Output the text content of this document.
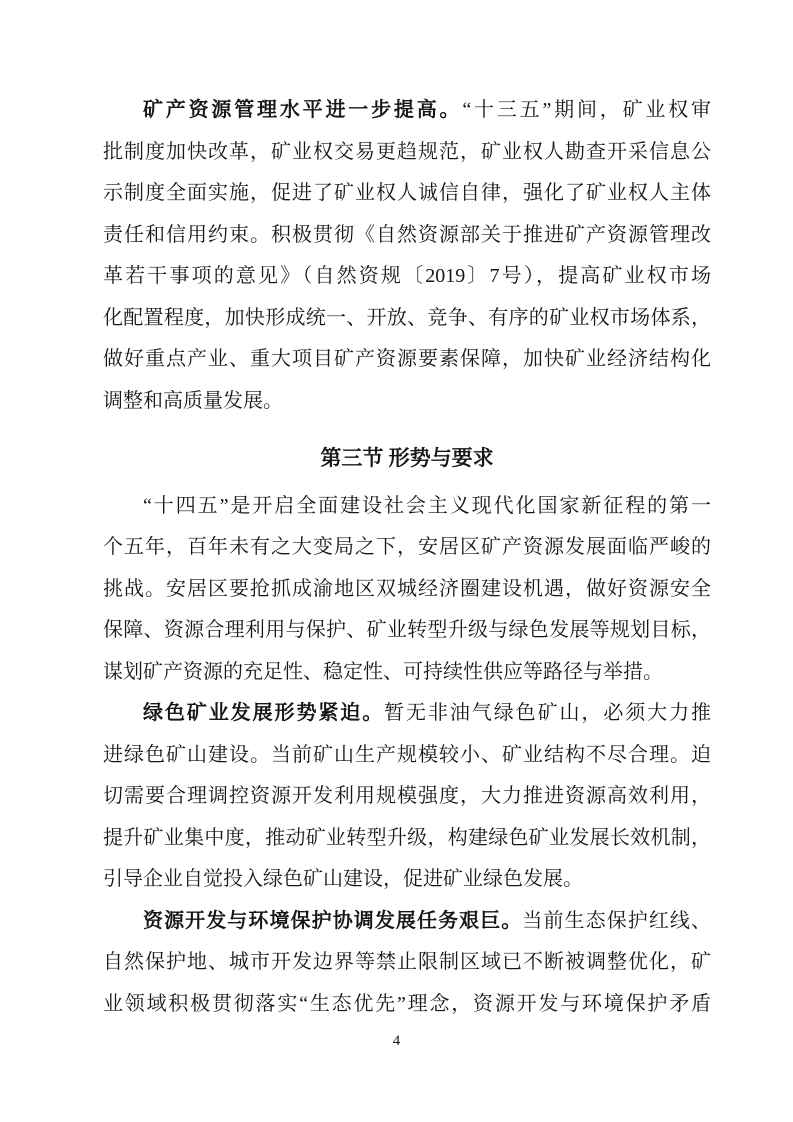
矿产资源管理水平进一步提高。“十三五”期间，矿业权审
批制度加快改革，矿业权交易更趋规范，矿业权人勘查开采信息公
示制度全面实施，促进了矿业权人诚信自律，强化了矿业权人主体
责任和信用约束。积极贯彻《自然资源部关于推进矿产资源管理改
革若干事项的意见》（自然资规〔2019〕7号），提高矿业权市场
化配置程度，加快形成统一、开放、竞争、有序的矿业权市场体系，
做好重点产业、重大项目矿产资源要素保障，加快矿业经济结构化
调整和高质量发展。
第三节 形势与要求
“十四五”是开启全面建设社会主义现代化国家新征程的第一
个五年，百年未有之大变局之下，安居区矿产资源发展面临严峻的
挑战。安居区要抢抓成渝地区双城经济圈建设机遇，做好资源安全
保障、资源合理利用与保护、矿业转型升级与绿色发展等规划目标，
谋划矿产资源的充足性、稳定性、可持续性供应等路径与举措。
绿色矿业发展形势紧迫。暂无非油气绿色矿山，必须大力推
进绿色矿山建设。当前矿山生产规模较小、矿业结构不尽合理。迫
切需要合理调控资源开发利用规模强度，大力推进资源高效利用，
提升矿业集中度，推动矿业转型升级，构建绿色矿业发展长效机制，
引导企业自觉投入绿色矿山建设，促进矿业绿色发展。
资源开发与环境保护协调发展任务艰巨。当前生态保护红线、
自然保护地、城市开发边界等禁止限制区域已不断被调整优化，矿
业领域积极贯彻落实“生态优先”理念，资源开发与环境保护矛盾
4
